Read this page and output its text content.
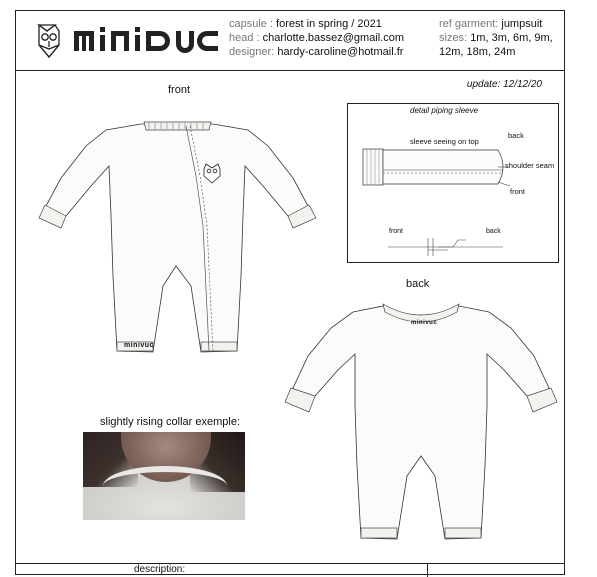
capsule : forest in spring / 2021
head : charlotte.bassez@gmail.com
designer: hardy-caroline@hotmail.fr
ref garment: jumpsuit
sizes: 1m, 3m, 6m, 9m, 12m, 18m, 24m
front	update: 12/12/20
minivuc
detail piping sleeve
sleeve seeing on top
back
shoulder seam
front
front	back
back
minivuc
slightly rising collar exemple:
description:
